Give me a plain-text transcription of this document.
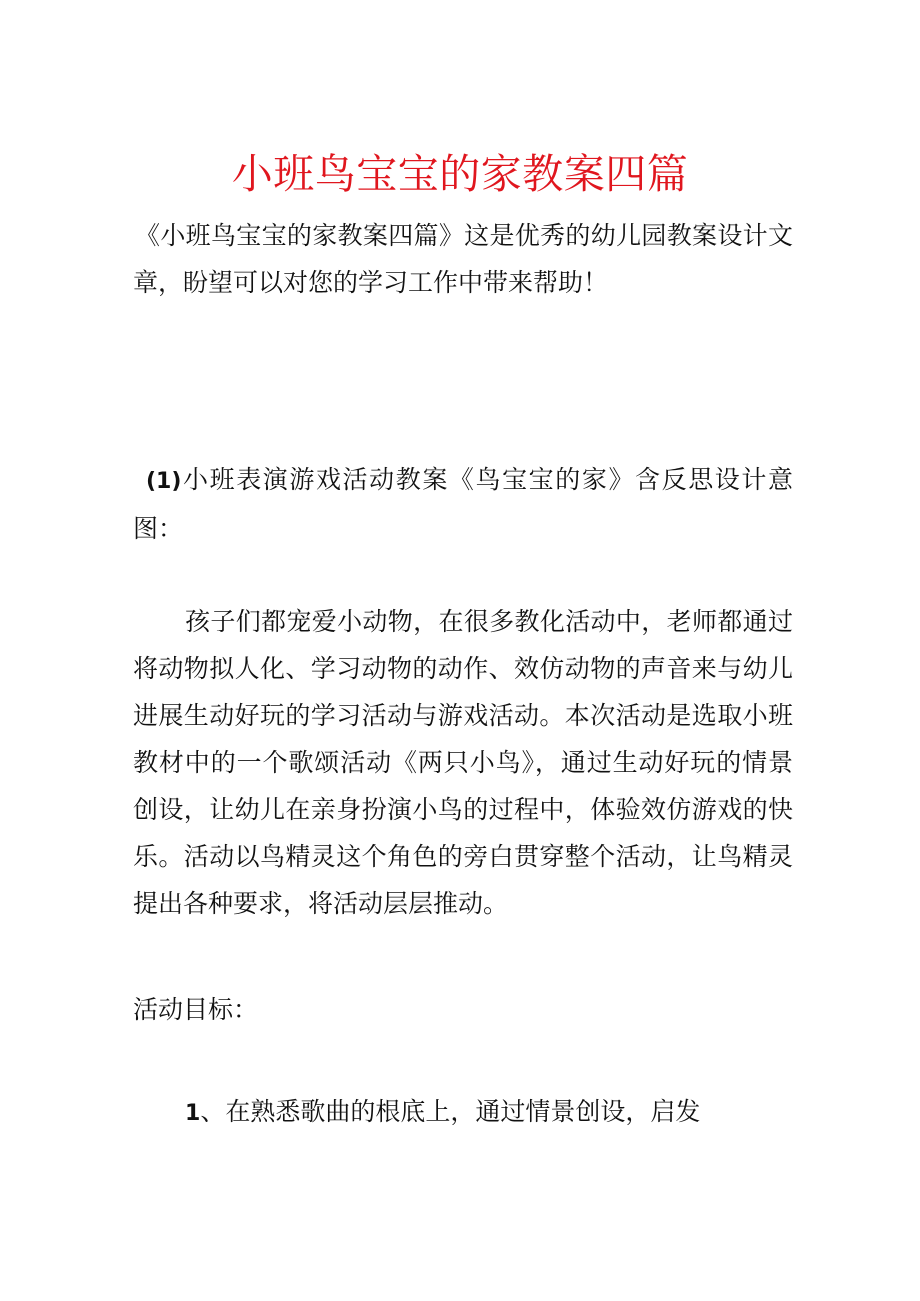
小班鸟宝宝的家教案四篇
《小班鸟宝宝的家教案四篇》这是优秀的幼儿园教案设计文章，盼望可以对您的学习工作中带来帮助！
(1)小班表演游戏活动教案《鸟宝宝的家》含反思设计意图：
孩子们都宠爱小动物，在很多教化活动中，老师都通过将动物拟人化、学习动物的动作、效仿动物的声音来与幼儿进展生动好玩的学习活动与游戏活动。本次活动是选取小班教材中的一个歌颂活动《两只小鸟》，通过生动好玩的情景创设，让幼儿在亲身扮演小鸟的过程中，体验效仿游戏的快乐。活动以鸟精灵这个角色的旁白贯穿整个活动，让鸟精灵提出各种要求，将活动层层推动。
活动目标：
1、在熟悉歌曲的根底上，通过情景创设，启发
